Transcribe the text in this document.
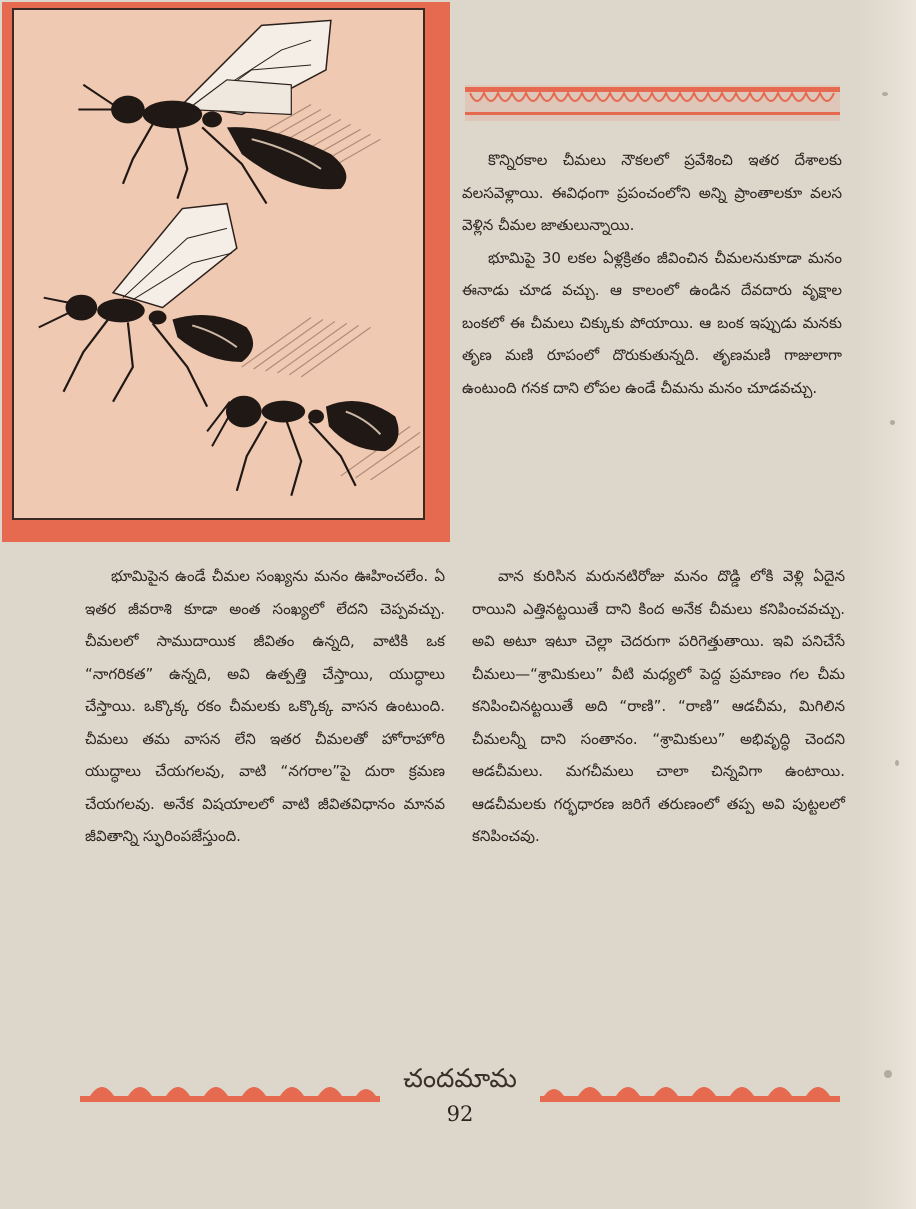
కొన్నిరకాల చీమలు నౌకలలో ప్రవేశించి ఇతర దేశాలకు వలసవెళ్లాయి. ఈవిధంగా ప్రపంచంలోని అన్ని ప్రాంతాలకూ వలస వెళ్లిన చీమల జాతులున్నాయి.

భూమిపై 30 లకల ఏళ్లక్రితం జీవించిన చీమలనుకూడా మనం ఈనాడు చూడ వచ్చు. ఆ కాలంలో ఉండిన దేవదారు వృక్షాల బంకలో ఈ చీమలు చిక్కుకు పోయాయి. ఆ బంక ఇప్పుడు మనకు తృణ మణి రూపంలో దొరుకుతున్నది. తృణమణి గాజులాగా ఉంటుంది గనక దాని లోపల ఉండే చీమను మనం చూడవచ్చు.

భూమిపైన ఉండే చీమల సంఖ్యను మనం ఊహించలేం. ఏ ఇతర జీవరాశి కూడా అంత సంఖ్యలో లేదని చెప్పవచ్చు. చీమలలో సాముదాయిక జీవితం ఉన్నది, వాటికి ఒక “నాగరికత” ఉన్నది, అవి ఉత్పత్తి చేస్తాయి, యుద్ధాలు చేస్తాయి. ఒక్కొక్క రకం చీమలకు ఒక్కొక్క వాసన ఉంటుంది. చీమలు తమ వాసన లేని ఇతర చీమలతో హోరాహోరి యుద్ధాలు చేయగలవు, వాటి “నగరాల”పై దురా క్రమణ చేయగలవు. అనేక విషయాలలో వాటి జీవితవిధానం మానవ జీవితాన్ని స్ఫురింపజేస్తుంది.

వాన కురిసిన మరునటిరోజు మనం దొడ్డి లోకి వెళ్లి ఏదైన రాయిని ఎత్తినట్టయితే దాని కింద అనేక చీమలు కనిపించవచ్చు. అవి అటూ ఇటూ చెల్లా చెదరుగా పరిగెత్తుతాయి. ఇవి పనిచేసే చీమలు—“శ్రామికులు” వీటి మధ్యలో పెద్ద ప్రమాణం గల చీమ కనిపించినట్టయితే అది “రాణి”. “రాణి” ఆడచీమ, మిగిలిన చీమలన్నీ దాని సంతానం. “శ్రామికులు” అభివృద్ధి చెందని ఆడచీమలు. మగచీమలు చాలా చిన్నవిగా ఉంటాయి. ఆడచీమలకు గర్భధారణ జరిగే తరుణంలో తప్ప అవి పుట్టలలో కనిపించవు.

చందమామ
92
